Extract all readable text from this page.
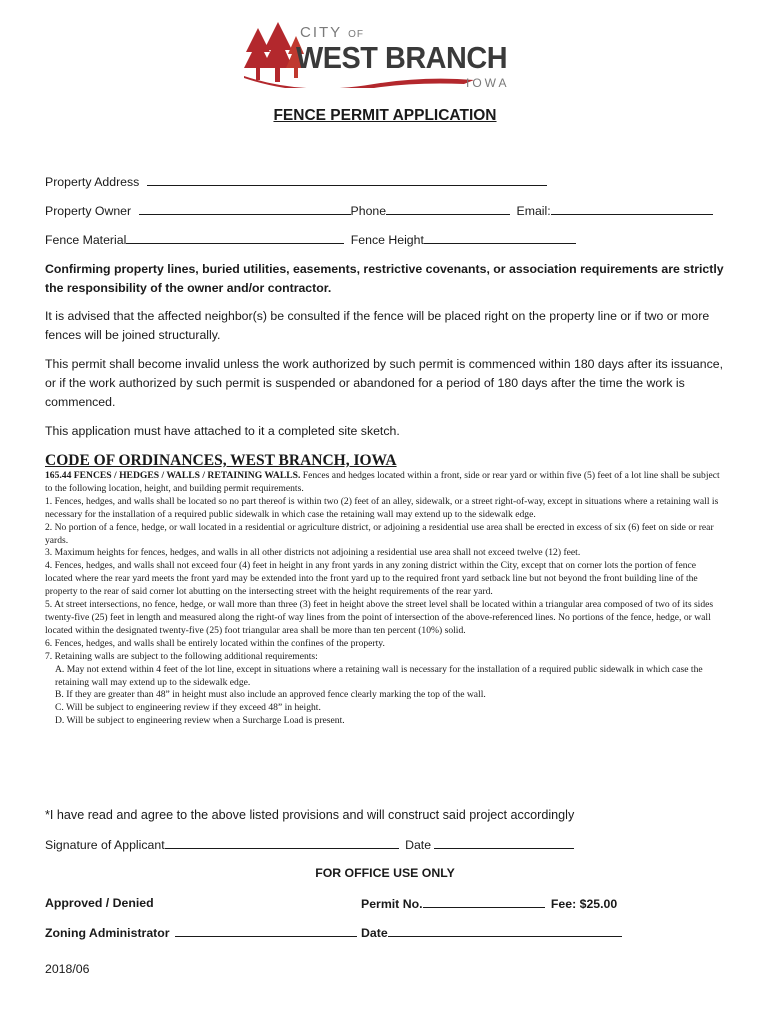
CITY OF
WEST BRANCH
IOWA
FENCE PERMIT APPLICATION
Property Address
Property Owner	Phone	Email:
Fence Material	Fence Height
Confirming property lines, buried utilities, easements, restrictive covenants, or association requirements are strictly the responsibility of the owner and/or contractor.
It is advised that the affected neighbor(s) be consulted if the fence will be placed right on the property line or if two or more fences will be joined structurally.
This permit shall become invalid unless the work authorized by such permit is commenced within 180 days after its issuance, or if the work authorized by such permit is suspended or abandoned for a period of 180 days after the time the work is commenced.
This application must have attached to it a completed site sketch.
CODE OF ORDINANCES, WEST BRANCH, IOWA

165.44 FENCES / HEDGES / WALLS / RETAINING WALLS. Fences and hedges located within a front, side or rear yard or within five (5) feet of a lot line shall be subject to the following location, height, and building permit requirements.

1. Fences, hedges, and walls shall be located so no part thereof is within two (2) feet of an alley, sidewalk, or a street right-of-way, except in situations where a retaining wall is necessary for the installation of a required public sidewalk in which case the retaining wall may extend up to the sidewalk edge.

2. No portion of a fence, hedge, or wall located in a residential or agriculture district, or adjoining a residential use area shall be erected in excess of six (6) feet on side or rear yards.

3. Maximum heights for fences, hedges, and walls in all other districts not adjoining a residential use area shall not exceed twelve (12) feet.

4. Fences, hedges, and walls shall not exceed four (4) feet in height in any front yards in any zoning district within the City, except that on corner lots the portion of fence located where the rear yard meets the front yard may be extended into the front yard up to the required front yard setback line but not beyond the front building line of the property to the rear of said corner lot abutting on the intersecting street with the height requirements of the rear yard.

5. At street intersections, no fence, hedge, or wall more than three (3) feet in height above the street level shall be located within a triangular area composed of two of its sides twenty-five (25) feet in length and measured along the right-of way lines from the point of intersection of the above-referenced lines. No portions of the fence, hedge, or wall located within the designated twenty-five (25) foot triangular area shall be more than ten percent (10%) solid.

6. Fences, hedges, and walls shall be entirely located within the confines of the property.

7. Retaining walls are subject to the following additional requirements:

A. May not extend within 4 feet of the lot line, except in situations where a retaining wall is necessary for the installation of a required public sidewalk in which case the retaining wall may extend up to the sidewalk edge.

B. If they are greater than 48” in height must also include an approved fence clearly marking the top of the wall.

C. Will be subject to engineering review if they exceed 48” in height.

D. Will be subject to engineering review when a Surcharge Load is present.

*I have read and agree to the above listed provisions and will construct said project accordingly
Signature of Applicant	Date
FOR OFFICE USE ONLY
Approved / Denied	Permit No.	Fee: $25.00
Zoning Administrator	Date
2018/06
